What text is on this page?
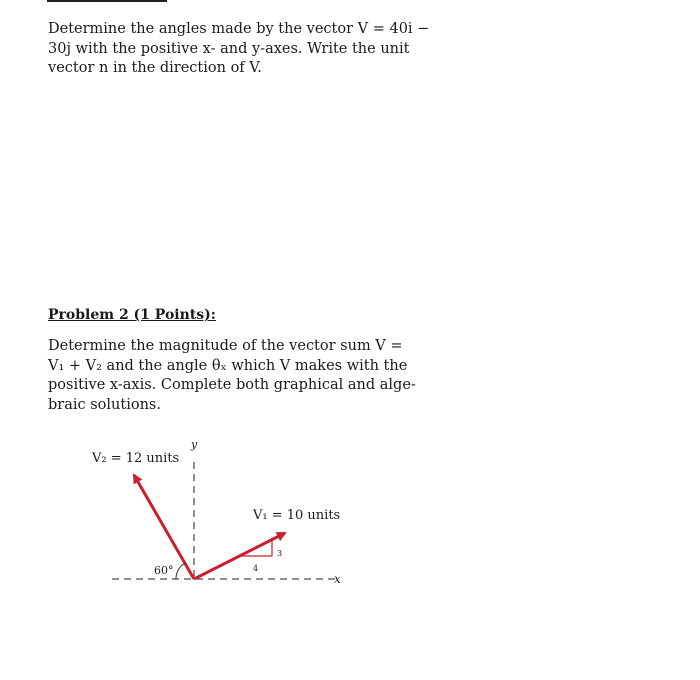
Determine the angles made by the vector V = 40i −
30j with the positive x- and y-axes. Write the unit
vector n in the direction of V.
Problem 2 (1 Points):
Determine the magnitude of the vector sum V =
V₁ + V₂ and the angle θₓ which V makes with the
positive x-axis. Complete both graphical and alge-
braic solutions.
y
x
V₂ = 12 units
V₁ = 10 units
3
4
60°
